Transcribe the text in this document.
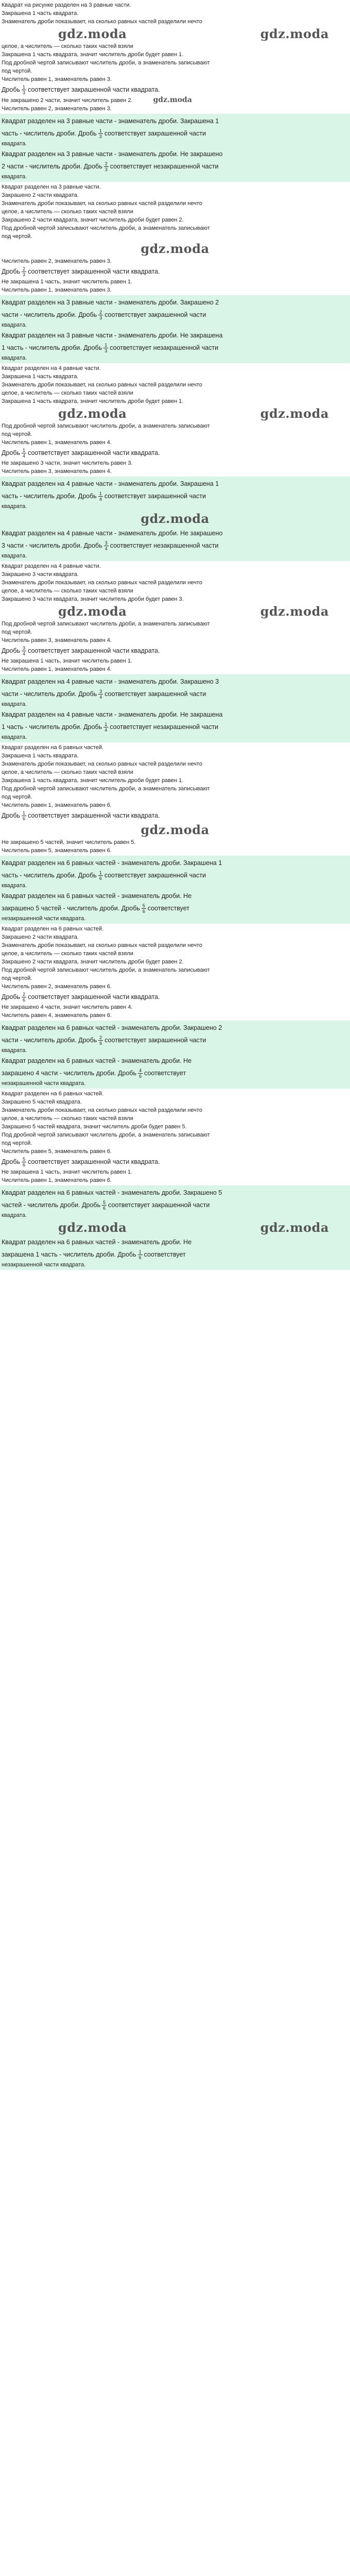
Квадрат на рисунке разделен на 3 равные части.
Закрашена 1 часть квадрата.
Знаменатель дроби показывает, на сколько равных частей разделили нечто
gdz.moda	gdz.moda
целое, а числитель — сколько таких частей взяли
Закрашена 1 часть квадрата, значит числитель дроби будет равен 1.
Под дробной чертой записывают числитель дроби, а знаменатель записывают
под чертой.
Числитель равен 1, знаменатель равен 3.
Дробь $\frac{1}{3}$ соответствует закрашенной части квадрата.
Не закрашено 2 части, значит числитель равен 2.	gdz.moda
Числитель равен 2, знаменатель равен 3.
Квадрат разделен на 3 равные части - знаменатель дроби. Закрашена 1
часть - числитель дроби. Дробь $\frac{1}{3}$ соответствует закрашенной части
квадрата.
Квадрат разделен на 3 равные части - знаменатель дроби. Не закрашено
2 части - числитель дроби. Дробь $\frac{2}{3}$ соответствует незакрашенной части
квадрата.
Квадрат разделен на 3 равные части.
Закрашено 2 части квадрата.
Знаменатель дроби показывает, на сколько равных частей разделили нечто
целое, а числитель — сколько таких частей взяли
Закрашено 2 части квадрата, значит числитель дроби будет равен 2.
Под дробной чертой записывают числитель дроби, а знаменатель записывают
под чертой.
gdz.moda
Числитель равен 2, знаменатель равен 3.
Дробь $\frac{2}{3}$ соответствует закрашенной части квадрата.
Не закрашена 1 часть, значит числитель равен 1.
Числитель равен 1, знаменатель равен 3.
Квадрат разделен на 3 равные части - знаменатель дроби. Закрашено 2
части - числитель дроби. Дробь $\frac{2}{3}$ соответствует закрашенной части
квадрата.
Квадрат разделен на 3 равные части - знаменатель дроби. Не закрашена
1 часть - числитель дроби. Дробь $\frac{1}{3}$ соответствует незакрашенной части
квадрата.
Квадрат разделен на 4 равные части.
Закрашена 1 часть квадрата.
Знаменатель дроби показывает, на сколько равных частей разделили нечто
целое, а числитель — сколько таких частей взяли
Закрашена 1 часть квадрата, значит числитель дроби будет равен 1.
gdz.moda	gdz.moda
Под дробной чертой записывают числитель дроби, а знаменатель записывают
под чертой.
Числитель равен 1, знаменатель равен 4.
Дробь $\frac{1}{4}$ соответствует закрашенной части квадрата.
Не закрашено 3 части, значит числитель равен 3.
Числитель равен 3, знаменатель равен 4.
Квадрат разделен на 4 равные части - знаменатель дроби. Закрашена 1
часть - числитель дроби. Дробь $\frac{1}{4}$ соответствует закрашенной части
квадрата.
gdz.moda
Квадрат разделен на 4 равные части - знаменатель дроби. Не закрашено
3 части - числитель дроби. Дробь $\frac{3}{4}$ соответствует незакрашенной части
квадрата.
Квадрат разделен на 4 равные части.
Закрашено 3 части квадрата.
Знаменатель дроби показывает, на сколько равных частей разделили нечто
целое, а числитель — сколько таких частей взяли
Закрашено 3 части квадрата, значит числитель дроби будет равен 3.
gdz.moda	gdz.moda
Под дробной чертой записывают числитель дроби, а знаменатель записывают
под чертой.
Числитель равен 3, знаменатель равен 4.
Дробь $\frac{3}{4}$ соответствует закрашенной части квадрата.
Не закрашена 1 часть, значит числитель равен 1.
Числитель равен 1, знаменатель равен 4.
Квадрат разделен на 4 равные части - знаменатель дроби. Закрашено 3
части - числитель дроби. Дробь $\frac{3}{4}$ соответствует закрашенной части
квадрата.
Квадрат разделен на 4 равные части - знаменатель дроби. Не закрашена
1 часть - числитель дроби. Дробь $\frac{1}{4}$ соответствует незакрашенной части
квадрата.
Квадрат разделен на 6 равных частей.
Закрашена 1 часть квадрата.
Знаменатель дроби показывает, на сколько равных частей разделили нечто
целое, а числитель — сколько таких частей взяли
Закрашена 1 часть квадрата, значит числитель дроби будет равен 1.
Под дробной чертой записывают числитель дроби, а знаменатель записывают
под чертой.
Числитель равен 1, знаменатель равен 6.
Дробь $\frac{1}{6}$ соответствует закрашенной части квадрата.
gdz.moda
Не закрашено 5 частей, значит числитель равен 5.
Числитель равен 5, знаменатель равен 6.
Квадрат разделен на 6 равных частей - знаменатель дроби. Закрашена 1
часть - числитель дроби. Дробь $\frac{1}{6}$ соответствует закрашенной части
квадрата.
Квадрат разделен на 6 равных частей - знаменатель дроби. Не
закрашено 5 частей - числитель дроби. Дробь $\frac{5}{6}$ соответствует
незакрашенной части квадрата.
Квадрат разделен на 6 равных частей.
Закрашено 2 части квадрата.
Знаменатель дроби показывает, на сколько равных частей разделили нечто
целое, а числитель — сколько таких частей взяли
Закрашено 2 части квадрата, значит числитель дроби будет равен 2.
Под дробной чертой записывают числитель дроби, а знаменатель записывают
под чертой.
Числитель равен 2, знаменатель равен 6.
Дробь $\frac{2}{6}$ соответствует закрашенной части квадрата.
Не закрашено 4 части, значит числитель равен 4.
Числитель равен 4, знаменатель равен 6.
Квадрат разделен на 6 равных частей - знаменатель дроби. Закрашено 2
части - числитель дроби. Дробь $\frac{2}{6}$ соответствует закрашенной части
квадрата.
Квадрат разделен на 6 равных частей - знаменатель дроби. Не
закрашено 4 части - числитель дроби. Дробь $\frac{4}{6}$ соответствует
незакрашенной части квадрата.
Квадрат разделен на 6 равных частей.
Закрашено 5 частей квадрата.
Знаменатель дроби показывает, на сколько равных частей разделили нечто
целое, а числитель — сколько таких частей взяли
Закрашено 5 частей квадрата, значит числитель дроби будет равен 5.
Под дробной чертой записывают числитель дроби, а знаменатель записывают
под чертой.
Числитель равен 5, знаменатель равен 6.
Дробь $\frac{5}{6}$ соответствует закрашенной части квадрата.
Не закрашена 1 часть, значит числитель равен 1.
Числитель равен 1, знаменатель равен 6.
Квадрат разделен на 6 равных частей - знаменатель дроби. Закрашено 5
частей - числитель дроби. Дробь $\frac{5}{6}$ соответствует закрашенной части
квадрата.
gdz.moda	gdz.moda
Квадрат разделен на 6 равных частей - знаменатель дроби. Не
закрашена 1 часть - числитель дроби. Дробь $\frac{1}{6}$ соответствует
незакрашенной части квадрата.
